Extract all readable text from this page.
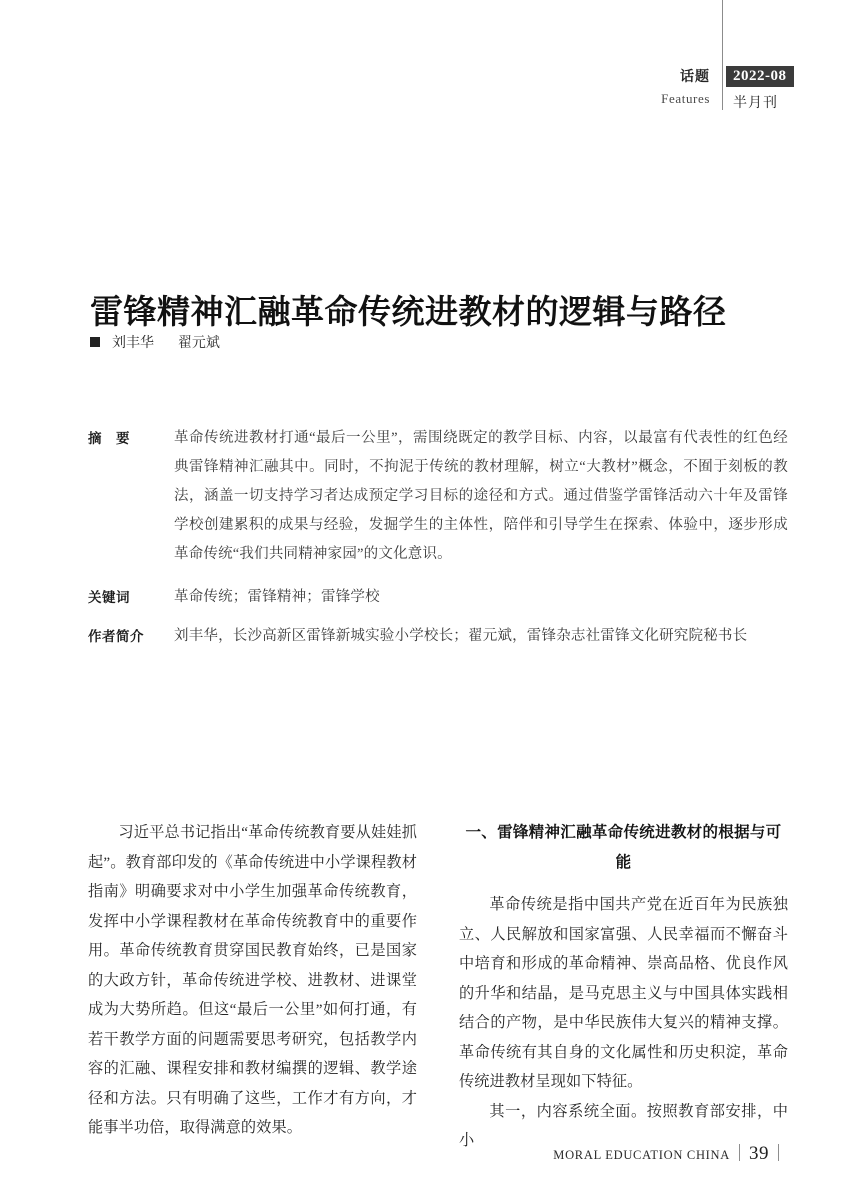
话题
Features
2022-08
半月刊
雷锋精神汇融革命传统进教材的逻辑与路径
刘丰华 翟元斌
摘　要	革命传统进教材打通“最后一公里”，需围绕既定的教学目标、内容，以最富有代表性的红色经典雷锋精神汇融其中。同时，不拘泥于传统的教材理解，树立“大教材”概念，不囿于刻板的教法，涵盖一切支持学习者达成预定学习目标的途径和方式。通过借鉴学雷锋活动六十年及雷锋学校创建累积的成果与经验，发掘学生的主体性，陪伴和引导学生在探索、体验中，逐步形成革命传统“我们共同精神家园”的文化意识。
关键词	革命传统；雷锋精神；雷锋学校
作者简介	刘丰华，长沙高新区雷锋新城实验小学校长；翟元斌，雷锋杂志社雷锋文化研究院秘书长

习近平总书记指出“革命传统教育要从娃娃抓起”。教育部印发的《革命传统进中小学课程教材指南》明确要求对中小学生加强革命传统教育，发挥中小学课程教材在革命传统教育中的重要作用。革命传统教育贯穿国民教育始终，已是国家的大政方针，革命传统进学校、进教材、进课堂成为大势所趋。但这“最后一公里”如何打通，有若干教学方面的问题需要思考研究，包括教学内容的汇融、课程安排和教材编撰的逻辑、教学途径和方法。只有明确了这些，工作才有方向，才能事半功倍，取得满意的效果。

一、雷锋精神汇融革命传统进教材的根据与可能

革命传统是指中国共产党在近百年为民族独立、人民解放和国家富强、人民幸福而不懈奋斗中培育和形成的革命精神、崇高品格、优良作风的升华和结晶，是马克思主义与中国具体实践相结合的产物，是中华民族伟大复兴的精神支撑。革命传统有其自身的文化属性和历史积淀，革命传统进教材呈现如下特征。

其一，内容系统全面。按照教育部安排，中小

MORAL EDUCATION CHINA 39
